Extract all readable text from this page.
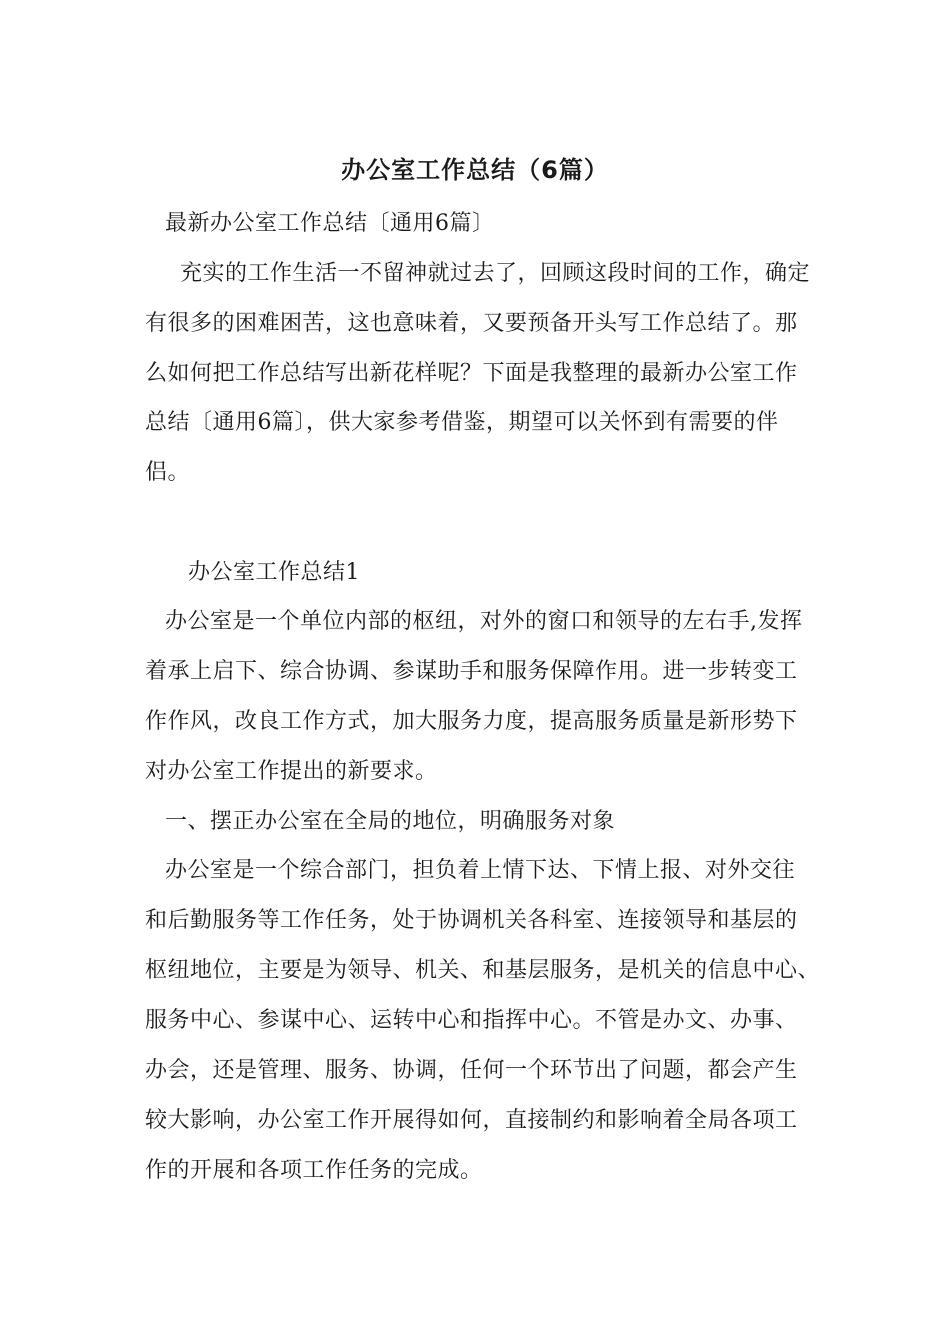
办公室工作总结（6篇）
最新办公室工作总结〔通用6篇〕
充实的工作生活一不留神就过去了，回顾这段时间的工作，确定
有很多的困难困苦，这也意味着，又要预备开头写工作总结了。那
么如何把工作总结写出新花样呢？下面是我整理的最新办公室工作
总结〔通用6篇〕，供大家参考借鉴，期望可以关怀到有需要的伴
侣。
办公室工作总结1
办公室是一个单位内部的枢纽，对外的窗口和领导的左右手,发挥
着承上启下、综合协调、参谋助手和服务保障作用。进一步转变工
作作风，改良工作方式，加大服务力度，提高服务质量是新形势下
对办公室工作提出的新要求。
一、摆正办公室在全局的地位，明确服务对象
办公室是一个综合部门，担负着上情下达、下情上报、对外交往
和后勤服务等工作任务，处于协调机关各科室、连接领导和基层的
枢纽地位，主要是为领导、机关、和基层服务，是机关的信息中心、
服务中心、参谋中心、运转中心和指挥中心。不管是办文、办事、
办会，还是管理、服务、协调，任何一个环节出了问题，都会产生
较大影响，办公室工作开展得如何，直接制约和影响着全局各项工
作的开展和各项工作任务的完成。
